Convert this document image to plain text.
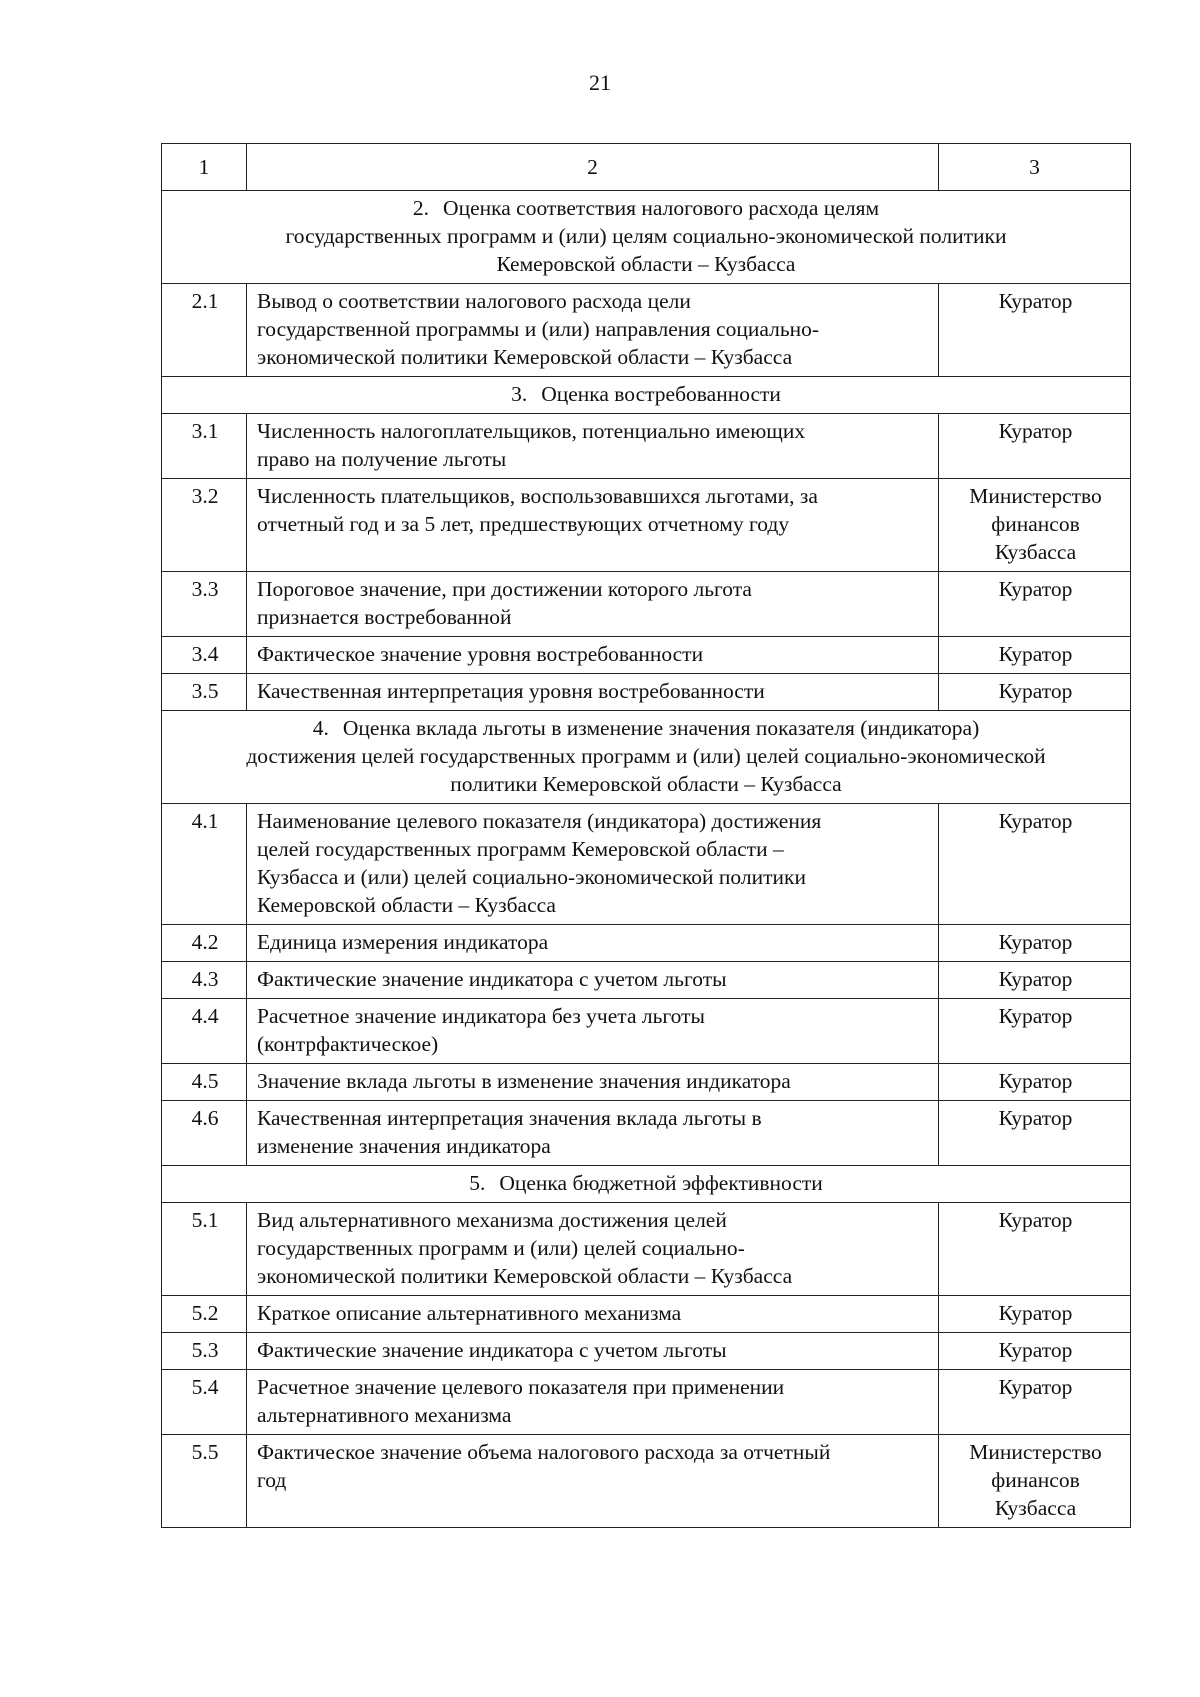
21
1	2	3

2. Оценка соответствия налогового расхода целям
государственных программ и (или) целям социально-экономической политики
Кемеровской области – Кузбасса		

2.1	Вывод о соответствии налогового расхода цели
государственной программы и (или) направления социально-
экономической политики Кемеровской области – Кузбасса	Куратор

3. Оценка востребованности		

3.1	Численность налогоплательщиков, потенциально имеющих
право на получение льготы	Куратор

3.2	Численность плательщиков, воспользовавшихся льготами, за
отчетный год и за 5 лет, предшествующих отчетному году	Министерство
финансов
Кузбасса

3.3	Пороговое значение, при достижении которого льгота
признается востребованной	Куратор

3.4	Фактическое значение уровня востребованности	Куратор

3.5	Качественная интерпретация уровня востребованности	Куратор

4. Оценка вклада льготы в изменение значения показателя (индикатора)
достижения целей государственных программ и (или) целей социально-экономической
политики Кемеровской области – Кузбасса		

4.1	Наименование целевого показателя (индикатора) достижения
целей государственных программ Кемеровской области –
Кузбасса и (или) целей социально-экономической политики
Кемеровской области – Кузбасса	Куратор

4.2	Единица измерения индикатора	Куратор

4.3	Фактические значение индикатора с учетом льготы	Куратор

4.4	Расчетное значение индикатора без учета льготы
(контрфактическое)	Куратор

4.5	Значение вклада льготы в изменение значения индикатора	Куратор

4.6	Качественная интерпретация значения вклада льготы в
изменение значения индикатора	Куратор

5. Оценка бюджетной эффективности		

5.1	Вид альтернативного механизма достижения целей
государственных программ и (или) целей социально-
экономической политики Кемеровской области – Кузбасса	Куратор

5.2	Краткое описание альтернативного механизма	Куратор

5.3	Фактические значение индикатора с учетом льготы	Куратор

5.4	Расчетное значение целевого показателя при применении
альтернативного механизма	Куратор

5.5	Фактическое значение объема налогового расхода за отчетный
год	Министерство
финансов
Кузбасса
